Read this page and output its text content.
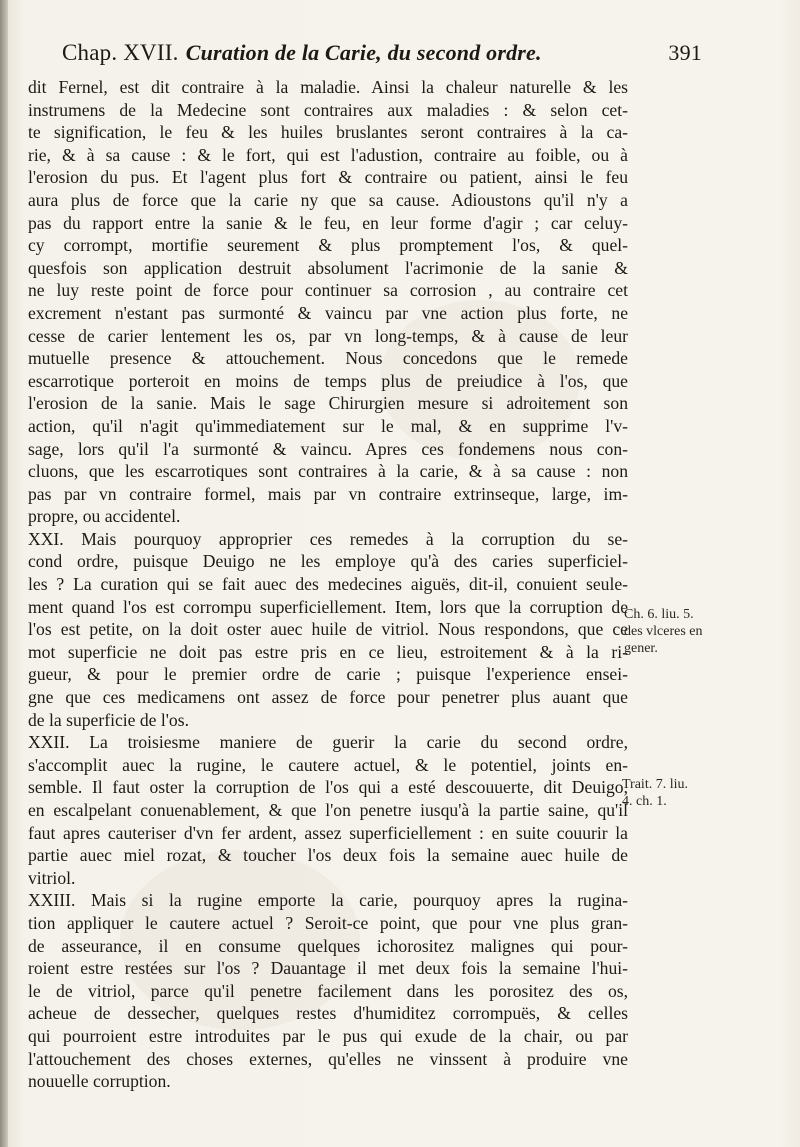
Chap. XVII. Curation de la Carie, du second ordre.	391
dit Fernel, est dit contraire à la maladie. Ainsi la chaleur naturelle & les
instrumens de la Medecine sont contraires aux maladies : & selon cet-
te signification, le feu & les huiles bruslantes seront contraires à la ca-
rie, & à sa cause : & le fort, qui est l'adustion, contraire au foible, ou à
l'erosion du pus. Et l'agent plus fort & contraire ou patient, ainsi le feu
aura plus de force que la carie ny que sa cause. Adioustons qu'il n'y a
pas du rapport entre la sanie & le feu, en leur forme d'agir ; car celuy-
cy corrompt, mortifie seurement & plus promptement l'os, & quel-
quesfois son application destruit absolument l'acrimonie de la sanie &
ne luy reste point de force pour continuer sa corrosion , au contraire cet
excrement n'estant pas surmonté & vaincu par vne action plus forte, ne
cesse de carier lentement les os, par vn long-temps, & à cause de leur
mutuelle presence & attouchement. Nous concedons que le remede
escarrotique porteroit en moins de temps plus de preiudice à l'os, que
l'erosion de la sanie. Mais le sage Chirurgien mesure si adroitement son
action, qu'il n'agit qu'immediatement sur le mal, & en supprime l'v-
sage, lors qu'il l'a surmonté & vaincu. Apres ces fondemens nous con-
cluons, que les escarrotiques sont contraires à la carie, & à sa cause : non
pas par vn contraire formel, mais par vn contraire extrinseque, large, im-
propre, ou accidentel.
XXI. Mais pourquoy approprier ces remedes à la corruption du se-
cond ordre, puisque Deuigo ne les employe qu'à des caries superficiel-
les ? La curation qui se fait auec des medecines aiguës, dit-il, conuient seule-
ment quand l'os est corrompu superficiellement. Item, lors que la corruption de
l'os est petite, on la doit oster auec huile de vitriol. Nous respondons, que ce
mot superficie ne doit pas estre pris en ce lieu, estroitement & à la ri-
gueur, & pour le premier ordre de carie ; puisque l'experience ensei-
gne que ces medicamens ont assez de force pour penetrer plus auant que
de la superficie de l'os.
XXII. La troisiesme maniere de guerir la carie du second ordre,
s'accomplit auec la rugine, le cautere actuel, & le potentiel, joints en-
semble. Il faut oster la corruption de l'os qui a esté descouuerte, dit Deuigo,
en escalpelant conuenablement, & que l'on penetre iusqu'à la partie saine, qu'il
faut apres cauteriser d'vn fer ardent, assez superficiellement : en suite couurir la
partie auec miel rozat, & toucher l'os deux fois la semaine auec huile de
vitriol.
XXIII. Mais si la rugine emporte la carie, pourquoy apres la rugina-
tion appliquer le cautere actuel ? Seroit-ce point, que pour vne plus gran-
de asseurance, il en consume quelques ichorositez malignes qui pour-
roient estre restées sur l'os ? Dauantage il met deux fois la semaine l'hui-
le de vitriol, parce qu'il penetre facilement dans les porositez des os,
acheue de dessecher, quelques restes d'humiditez corrompuës, & celles
qui pourroient estre introduites par le pus qui exude de la chair, ou par
l'attouchement des choses externes, qu'elles ne vinssent à produire vne
nouuelle corruption.
Ch. 6. liu. 5.
des vlceres en
gener.
Trait. 7. liu.
4. ch. 1.
